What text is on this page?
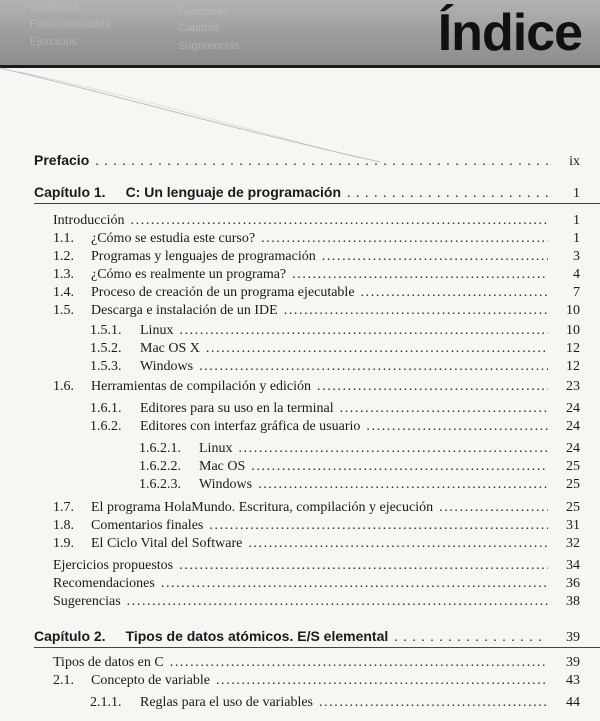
Capítulo 5.	Funciones
Funcionalidades	Capítulo
Ejercicios	Sugerencias	Índice
Prefacio . . .	ix
Capítulo 1. C: Un lenguaje de programación . . .	1
Introducción .....	1
1.1.	¿Cómo se estudia este curso? .....	1
1.2.	Programas y lenguajes de programación .....	3
1.3.	¿Cómo es realmente un programa? .....	4
1.4.	Proceso de creación de un programa ejecutable .....	7
1.5.	Descarga e instalación de un IDE .....	10
1.5.1.	Linux .....	10
1.5.2.	Mac OS X .....	12
1.5.3.	Windows .....	12
1.6.	Herramientas de compilación y edición .....	23
1.6.1.	Editores para su uso en la terminal .....	24
1.6.2.	Editores con interfaz gráfica de usuario .....	24
1.6.2.1.	Linux .....	24
1.6.2.2.	Mac OS .....	25
1.6.2.3.	Windows .....	25
1.7.	El programa HolaMundo. Escritura, compilación y ejecución .....	25
1.8.	Comentarios finales .....	31
1.9.	El Ciclo Vital del Software .....	32
Ejercicios propuestos .....	34
Recomendaciones .....	36
Sugerencias .....	38
Capítulo 2. Tipos de datos atómicos. E/S elemental . . .	39
Tipos de datos en C .....	39
2.1.	Concepto de variable .....	43
2.1.1.	Reglas para el uso de variables .....	44
